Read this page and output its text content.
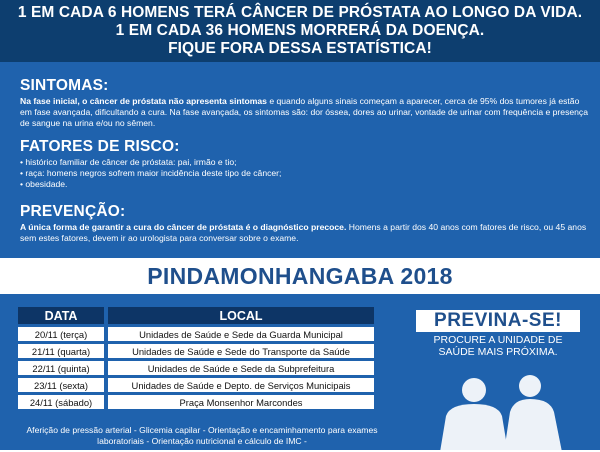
1 EM CADA 6 HOMENS TERÁ CÂNCER DE PRÓSTATA AO LONGO DA VIDA.
1 EM CADA 36 HOMENS MORRERÁ DA DOENÇA.
FIQUE FORA DESSA ESTATÍSTICA!
SINTOMAS:

Na fase inicial, o câncer de próstata não apresenta sintomas e quando alguns sinais começam a aparecer, cerca de 95% dos tumores já estão em fase avançada, dificultando a cura. Na fase avançada, os sintomas são: dor óssea, dores ao urinar, vontade de urinar com frequência e presença de sangue na urina e/ou no sêmen.

FATORES DE RISCO:

• histórico familiar de câncer de próstata: pai, irmão e tio;
• raça: homens negros sofrem maior incidência deste tipo de câncer;
• obesidade.

PREVENÇÃO:

A única forma de garantir a cura do câncer de próstata é o diagnóstico precoce. Homens a partir dos 40 anos com fatores de risco, ou 45 anos sem estes fatores, devem ir ao urologista para conversar sobre o exame.

PINDAMONHANGABA 2018
DATA	LOCAL
20/11 (terça)	Unidades de Saúde e Sede da Guarda Municipal
21/11 (quarta)	Unidades de Saúde e Sede do Transporte da Saúde
22/11 (quinta)	Unidades de Saúde e Sede da Subprefeitura
23/11 (sexta)	Unidades de Saúde e Depto. de Serviços Municipais
24/11 (sábado)	Praça Monsenhor Marcondes
Aferição de pressão arterial - Glicemia capilar - Orientação e encaminhamento para exames laboratoriais - Orientação nutricional e cálculo de IMC -
PREVINA-SE!
PROCURE A UNIDADE DE
SAÚDE MAIS PRÓXIMA.
